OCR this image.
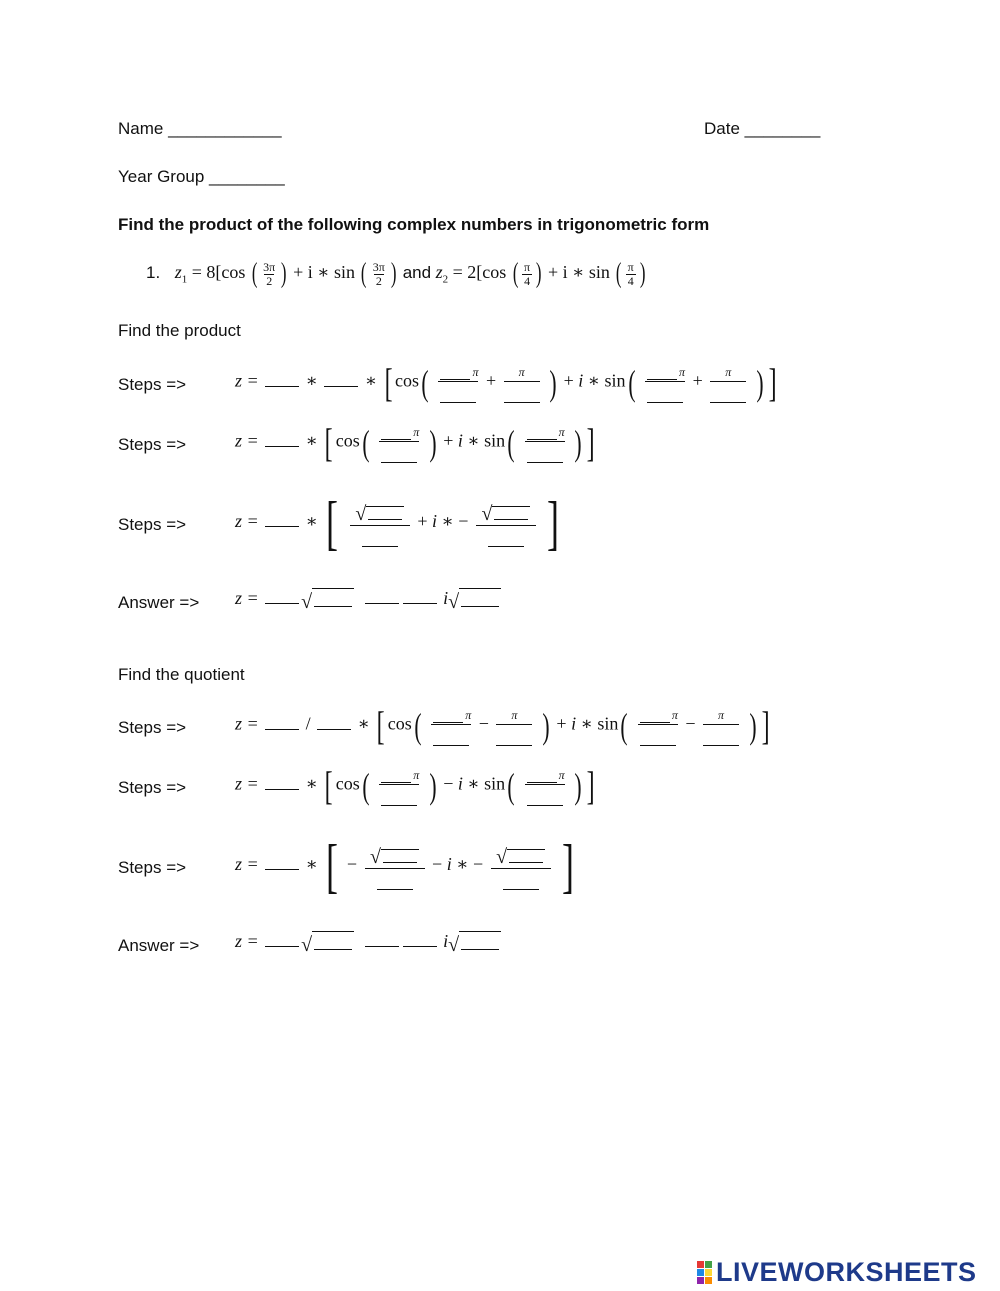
Name ____________	Date ________
Year Group ________
Find the product of the following complex numbers in trigonometric form
1. $z_1 = 8[\cos$ ( $\frac{3\pi}{2}$ ) + i ∗ sin ( $\frac{3\pi}{2}$ ) and $z_2 = 2[\cos$ ( $\frac{\pi}{4}$ ) + i ∗ sin ( $\frac{\pi}{4}$ )
Find the product
Steps =>	z =	∗	∗ [ cos(	π + π ) + i ∗ sin(	π + π ) ]
Steps =>	z =	∗ [ cos(	π ) + i ∗ sin(	π ) ]
Steps =>	z =	∗ [ √	+ i ∗ − √ ]
Answer => z = √	i √
Find the quotient
Steps =>	z =	/	∗ [ cos(	π − π ) + i ∗ sin(	π − π ) ]
Steps =>	z =	∗ [ cos(	π ) − i ∗ sin(	π ) ]
Steps =>	z =	∗ [ − √	− i ∗ − √ ]
Answer => z = √	i √
LIVEWORKSHEETS
